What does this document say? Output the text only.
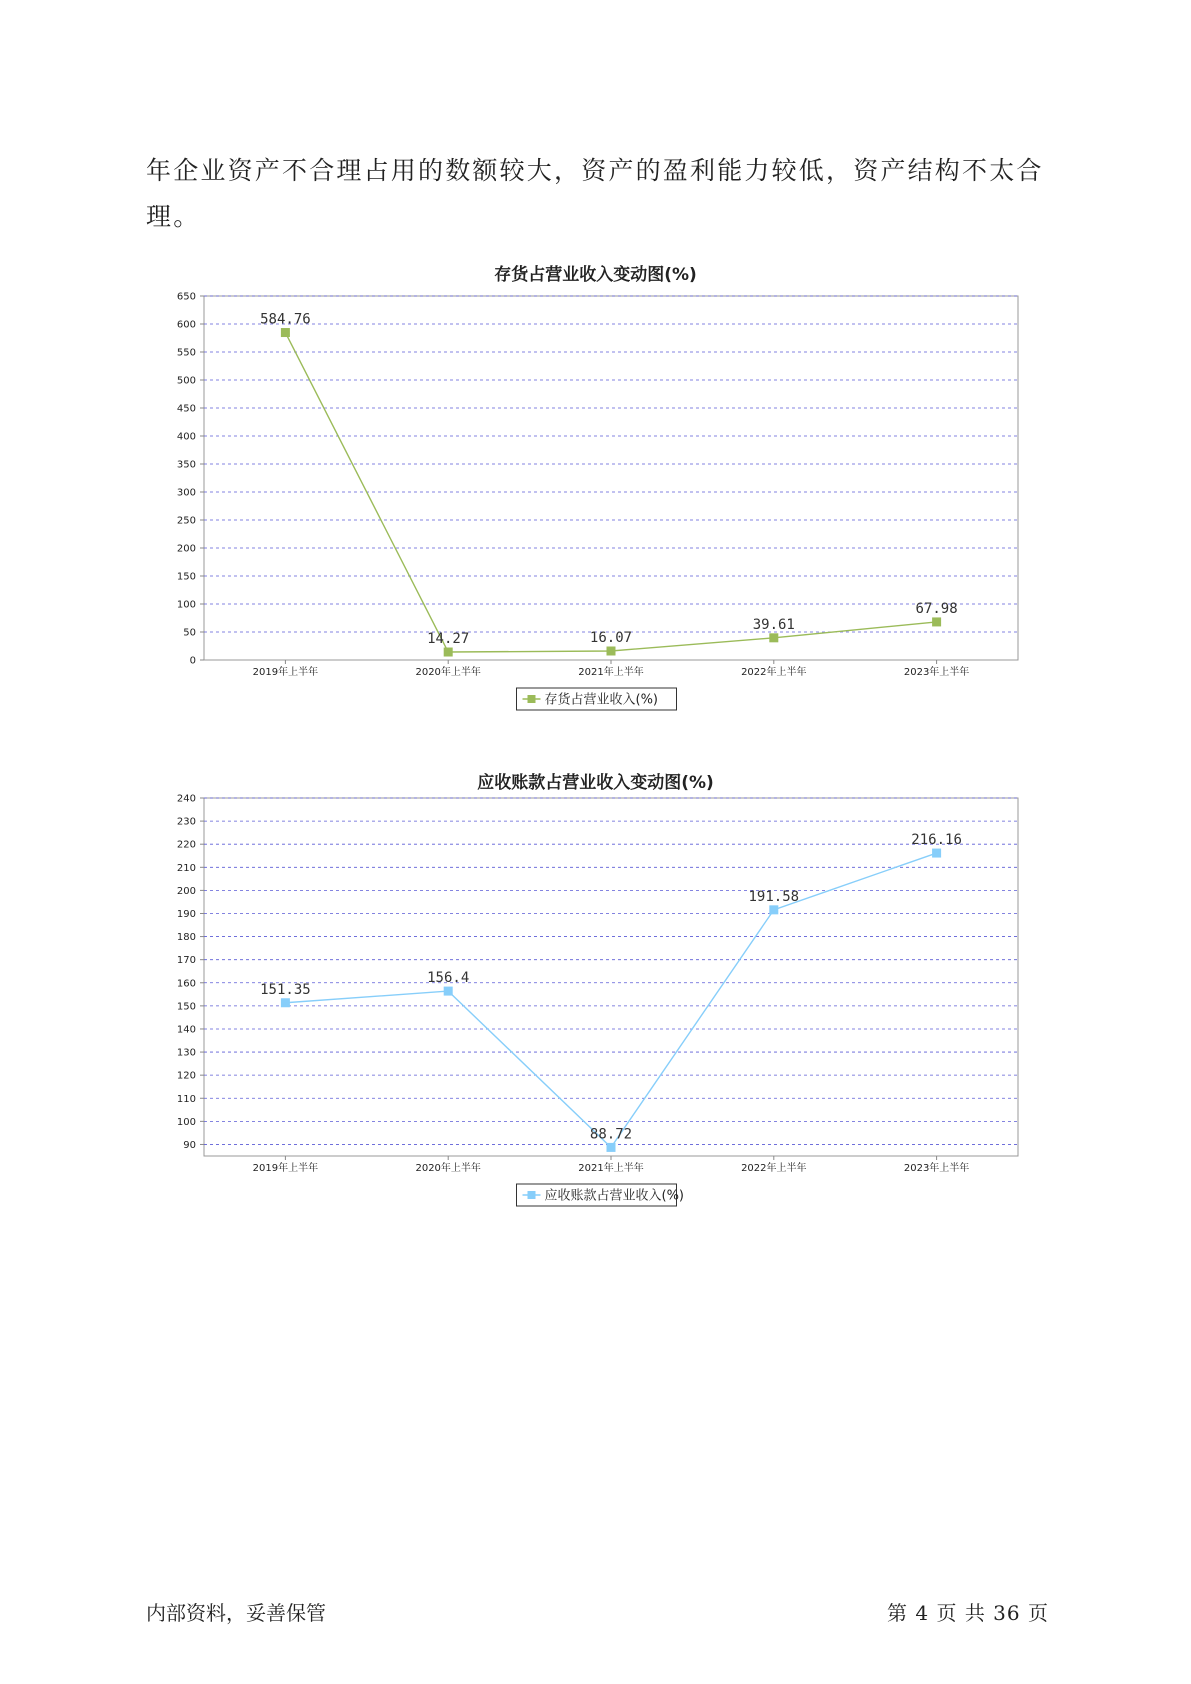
年企业资产不合理占用的数额较大，资产的盈利能力较低，资产结构不太合理。

存货占营业收入变动图(%)
0
50
100
150
200
250
300
350
400
450
500
550
600
650
2019年上半年	2020年上半年	2021年上半年	2022年上半年	2023年上半年
584.76
14.27	16.07
39.61
67.98
存货占营业收入(%)
应收账款占营业收入变动图(%)
90
100
110
120
130
140
150
160
170
180
190
200
210
220
230
240
2019年上半年	2020年上半年	2021年上半年	2022年上半年	2023年上半年
151.35
156.4
88.72
191.58
216.16
应收账款占营业收入(%)
内部资料，妥善保管	第 4 页 共 36 页
